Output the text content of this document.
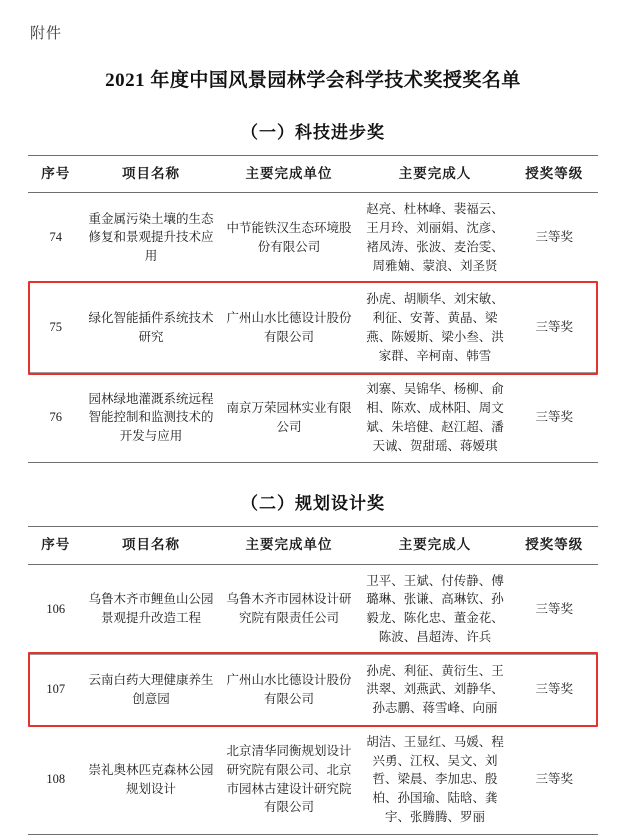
附件
2021 年度中国风景园林学会科学技术奖授奖名单
（一）科技进步奖
序号	项目名称	主要完成单位	主要完成人	授奖等级
74	重金属污染土壤的生态修复和景观提升技术应用	中节能铁汉生态环境股份有限公司	赵亮、杜林峰、裴福云、王月玲、刘丽娟、沈彦、褚凤涛、张波、麦治雯、周雅婻、蒙浪、刘圣贤	三等奖
75	绿化智能插件系统技术研究	广州山水比德设计股份有限公司	孙虎、胡顺华、刘宋敏、利征、安菁、黄晶、梁燕、陈嫒斯、梁小叁、洪家群、辛柯南、韩雪	三等奖
76	园林绿地灌溉系统远程智能控制和监测技术的开发与应用	南京万荣园林实业有限公司	刘寨、吴锦华、杨柳、俞相、陈欢、成林阳、周文斌、朱培健、赵江超、潘天诚、贺甜瑶、蒋嫒琪	三等奖
（二）规划设计奖
序号	项目名称	主要完成单位	主要完成人	授奖等级
106	乌鲁木齐市鲤鱼山公园景观提升改造工程	乌鲁木齐市园林设计研究院有限责任公司	卫平、王斌、付传静、傅璐琳、张谦、高琳钦、孙毅龙、陈化忠、董金花、陈波、昌超涛、许兵	三等奖
107	云南白药大理健康养生创意园	广州山水比德设计股份有限公司	孙虎、利征、黄衍生、王洪翠、刘燕武、刘静华、孙志鹏、蒋雪峰、向丽	三等奖
108	崇礼奥林匹克森林公园规划设计	北京清华同衡规划设计研究院有限公司、北京市园林古建设计研究院有限公司	胡洁、王显红、马媛、程兴勇、江权、吴文、刘哲、梁晨、李加忠、殷柏、孙国瑜、陆晗、龚宇、张腾腾、罗丽	三等奖
